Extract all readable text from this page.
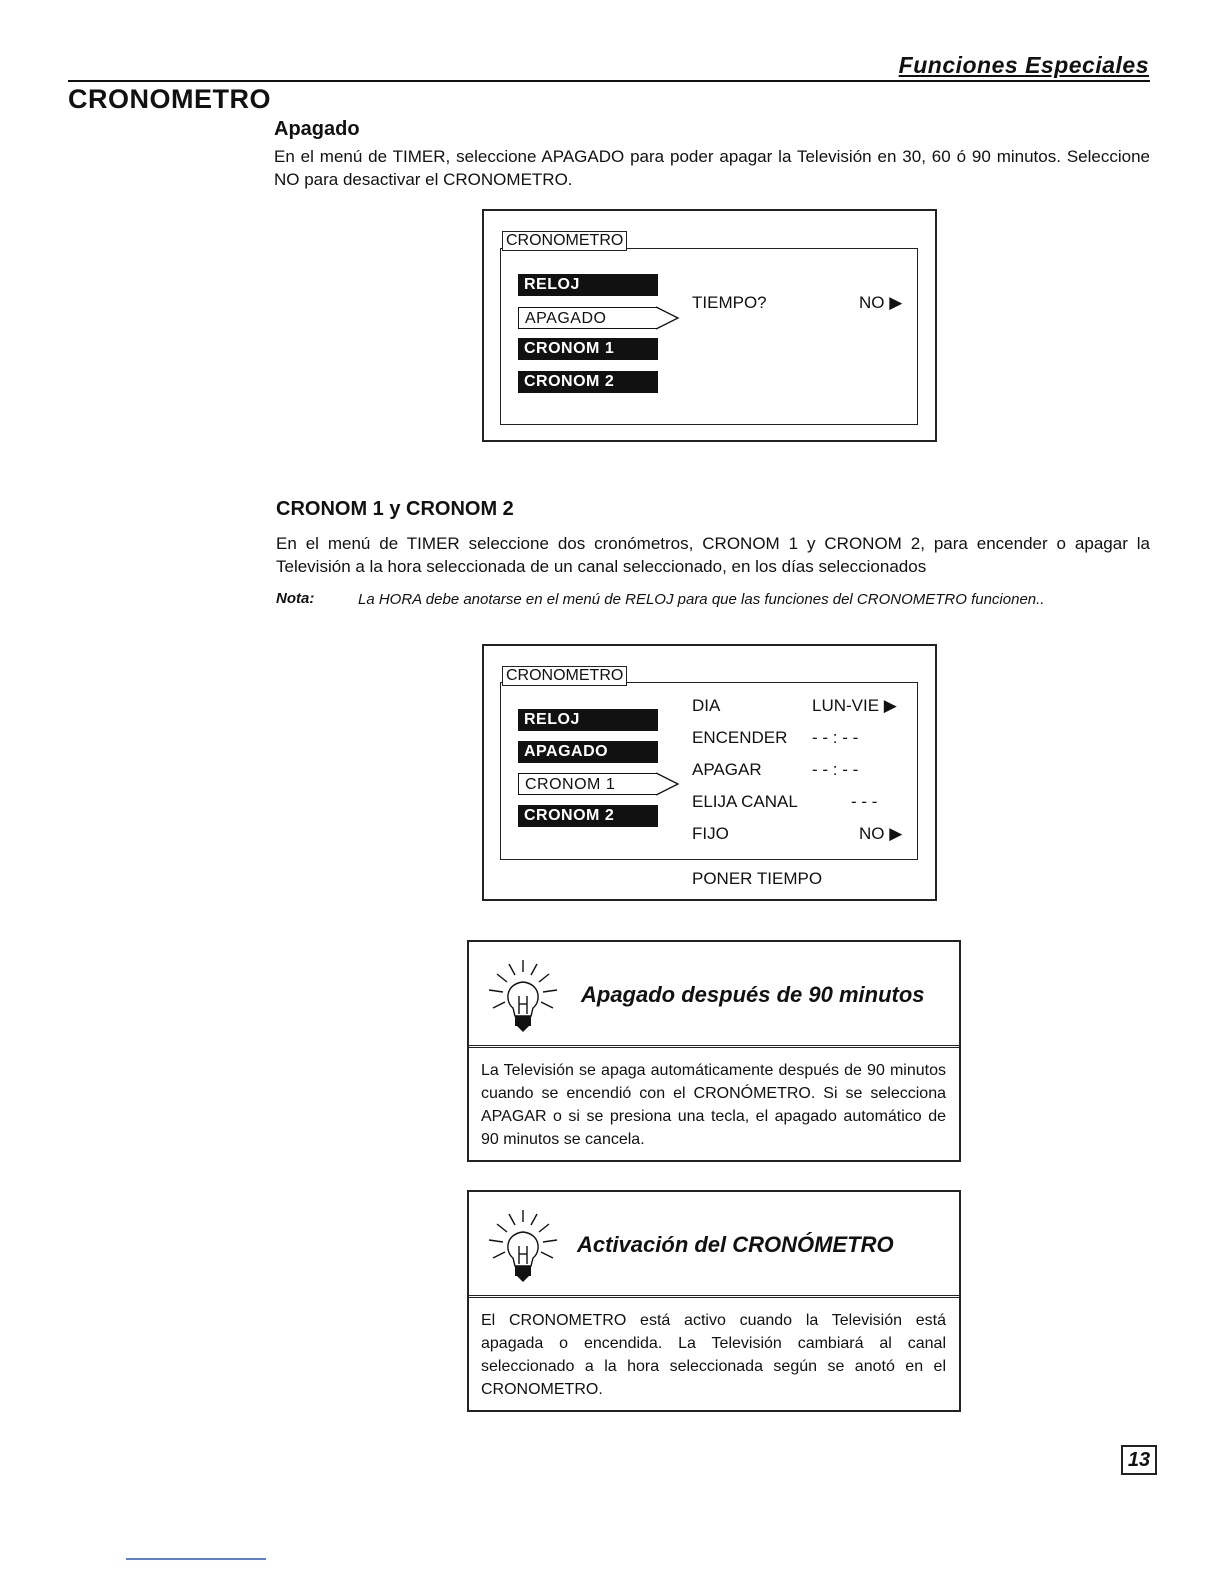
Funciones Especiales
CRONOMETRO
Apagado
En el menú de TIMER, seleccione APAGADO para poder apagar la Televisión en 30, 60 ó 90 minutos. Seleccione NO para desactivar el CRONOMETRO.
CRONOMETRO
RELOJ
APAGADO
CRONOM 1
CRONOM 2
TIEMPO?	NO ▶
CRONOM 1 y CRONOM 2
En el menú de TIMER seleccione dos cronómetros, CRONOM 1 y CRONOM 2, para encender o apagar la Televisión a la hora seleccionada de un canal seleccionado, en los días seleccionados
Nota:	La HORA debe anotarse en el menú de RELOJ para que las funciones del CRONOMETRO funcionen..
CRONOMETRO
RELOJ
APAGADO
CRONOM 1
CRONOM 2
DIA	LUN-VIE ▶
ENCENDER - - : - -
APAGAR	- - : - -
ELIJA CANAL	- - -
FIJO	NO ▶
PONER TIEMPO
Apagado después de 90 minutos
La Televisión se apaga automáticamente después de 90 minutos cuando se encendió con el CRONÓMETRO. Si se selecciona APAGAR o si se presiona una tecla, el apagado automático de 90 minutos se cancela.
Activación del CRONÓMETRO
El CRONOMETRO está activo cuando la Televisión está apagada o encendida. La Televisión cambiará al canal seleccionado a la hora seleccionada según se anotó en el CRONOMETRO.
13
